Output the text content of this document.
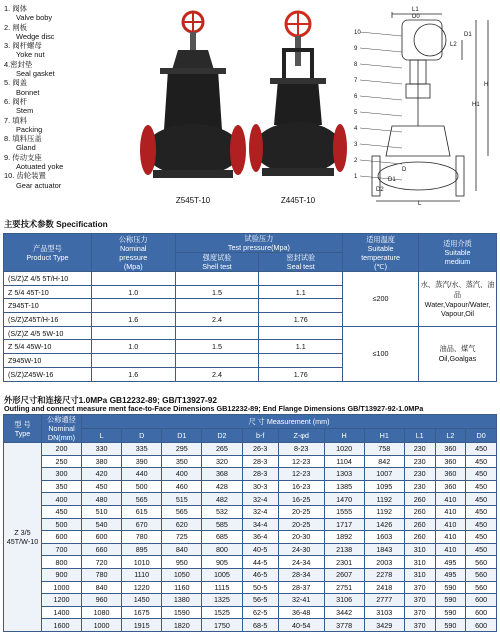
1. 阀体
Valve boby
2. 闸板
Wedge disc
3. 阀杆螺母
Yoke nut
4.密封垫
Seal gasket
5. 阀盖
Bonnet
6. 阀杆
Stem
7. 填料
Packing
8. 填料压盖
Gland
9. 传动支座
Aotuated yoke
10. 齿轮装置
Gear actuator
Z545T-10	Z445T-10
10
9
8
7
6
5
4
3
2
1
L1
L2
D1
D0
H1
H
D2
D1
D
L
主要技术参数 Specification
产品型号
Product Type	公称压力
Nominal
pressure
(Mpa)	试验压力
Test pressure(Mpa)		适用温度
Suitable
temperature
(℃)	适用介质
Suitable
medium
		强度试验
Shell test	密封试验
Seal test		
(S/Z)Z 4/5 5T/H-10				≤200	水、蒸汽/水、蒸汽、油品
Water,Vapour/Water,
Vapour,Oil
Z 5/4 45T-10	1.0	1.5	1.1		
Z945T-10					
(S/Z)Z45T/H-16	1.6	2.4	1.76		
(S/Z)Z 4/5 5W-10				≤100	油品、煤气
Oil,Goalgas
Z 5/4 45W-10	1.0	1.5	1.1		
Z945W-10					
(S/Z)Z45W-16	1.6	2.4	1.76		
外形尺寸和连接尺寸1.0MPa GB12232-89; GB/T13927-92
Outling and connect measure ment face-to-Face Dimensions GB12232-89; End Flange Dimensions GB/T13927-92-1.0MPa
型 号
Type	公称通径
Nominal
DN(mm)	尺 寸 Measurement (mm)										
		L	D	D1	D2	b-f	Z-φd	H	H1	L1	L2	D0
Z 3/5 45T/W-10	200	330	335	295	265	26-3	8-23	1020	758	230	360	450
	250	380	390	350	320	28-3	12-23	1104	842	230	360	450
	300	420	440	400	368	28-3	12-23	1303	1007	230	360	450
	350	450	500	460	428	30-3	16-23	1385	1095	230	360	450
	400	480	565	515	482	32-4	16-25	1470	1192	260	410	450
	450	510	615	565	532	32-4	20-25	1555	1192	260	410	450
	500	540	670	620	585	34-4	20-25	1717	1426	260	410	450
	600	600	780	725	685	36-4	20-30	1892	1603	260	410	450
	700	660	895	840	800	40-5	24-30	2138	1843	310	410	450
	800	720	1010	950	905	44-5	24-34	2301	2003	310	495	560
	900	780	1110	1050	1005	46-5	28-34	2607	2278	310	495	560
	1000	840	1220	1160	1115	50-5	28-37	2751	2418	370	590	560
	1200	960	1450	1380	1325	56-5	32-41	3106	2777	370	590	600
	1400	1080	1675	1590	1525	62-5	36-48	3442	3103	370	590	600
	1600	1000	1915	1820	1750	68-5	40-54	3778	3429	370	590	600
